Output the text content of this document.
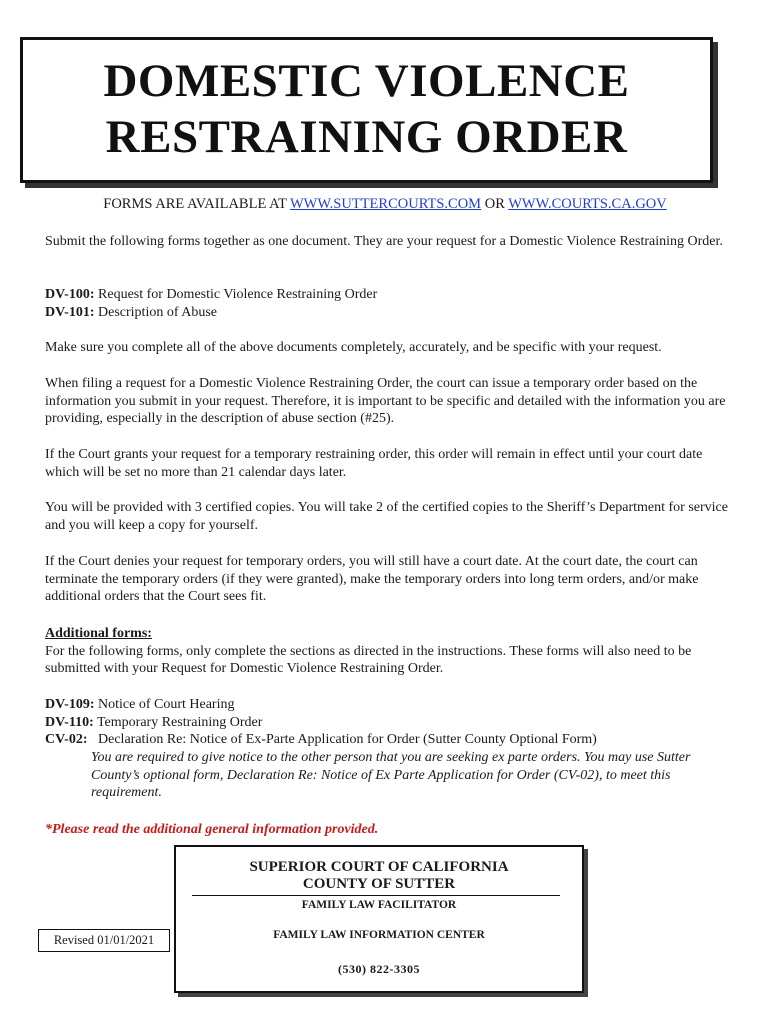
DOMESTIC VIOLENCE
RESTRAINING ORDER
FORMS ARE AVAILABLE AT WWW.SUTTERCOURTS.COM OR WWW.COURTS.CA.GOV
Submit the following forms together as one document. They are your request for a Domestic Violence Restraining Order.
DV-100: Request for Domestic Violence Restraining Order
DV-101: Description of Abuse
Make sure you complete all of the above documents completely, accurately, and be specific with your request.
When filing a request for a Domestic Violence Restraining Order, the court can issue a temporary order based on the information you submit in your request. Therefore, it is important to be specific and detailed with the information you are providing, especially in the description of abuse section (#25).
If the Court grants your request for a temporary restraining order, this order will remain in effect until your court date which will be set no more than 21 calendar days later.
You will be provided with 3 certified copies. You will take 2 of the certified copies to the Sheriff’s Department for service and you will keep a copy for yourself.
If the Court denies your request for temporary orders, you will still have a court date. At the court date, the court can terminate the temporary orders (if they were granted), make the temporary orders into long term orders, and/or make additional orders that the Court sees fit.
Additional forms:
For the following forms, only complete the sections as directed in the instructions. These forms will also need to be submitted with your Request for Domestic Violence Restraining Order.
DV-109: Notice of Court Hearing
DV-110: Temporary Restraining Order
CV-02:   Declaration Re: Notice of Ex-Parte Application for Order (Sutter County Optional Form)
You are required to give notice to the other person that you are seeking ex parte orders. You may use Sutter County’s optional form, Declaration Re: Notice of Ex Parte Application for Order (CV-02), to meet this requirement.
*Please read the additional general information provided.
SUPERIOR COURT OF CALIFORNIA
COUNTY OF SUTTER
FAMILY LAW FACILITATOR
FAMILY LAW INFORMATION CENTER
(530) 822-3305
Revised 01/01/2021
